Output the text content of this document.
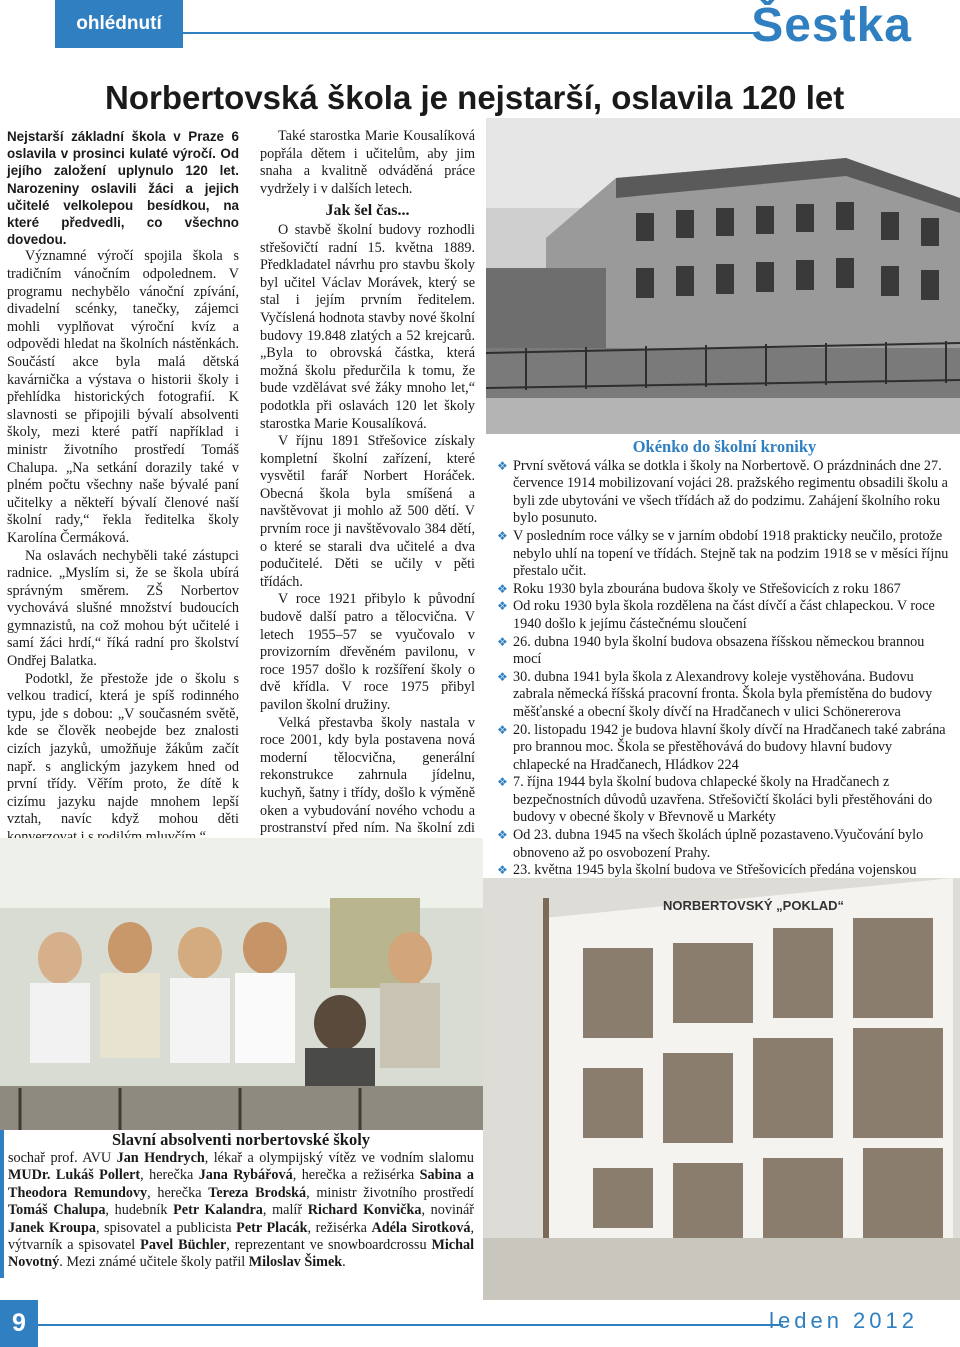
ohlédnutí	Šestka
Norbertovská škola je nejstarší, oslavila 120 let

Nejstarší základní škola v Praze 6 oslavila v prosinci kulaté výročí. Od jejího založení uplynulo 120 let. Narozeniny oslavili žáci a jejich učitelé velkolepou besídkou, na které předvedli, co všechno dovedou.

Významné výročí spojila škola s tradičním vánočním odpolednem. V programu nechybělo vánoční zpívání, divadelní scénky, tanečky, zájemci mohli vyplňovat výroční kvíz a odpovědi hledat na školních nástěnkách. Součástí akce byla malá dětská kavárnička a výstava o historii školy i přehlídka historických fotografií. K slavnosti se připojili bývalí absolventi školy, mezi které patří například i ministr životního prostředí Tomáš Chalupa. „Na setkání dorazily také v plném počtu všechny naše bývalé paní učitelky a někteří bývalí členové naší školní rady,“ řekla ředitelka školy Karolína Čermáková.

Na oslavách nechyběli také zástupci radnice. „Myslím si, že se škola ubírá správným směrem. ZŠ Norbertov vychovává slušné množství budoucích gymnazistů, na což mohou být učitelé i samí žáci hrdí,“ říká radní pro školství Ondřej Balatka.

Podotkl, že přestože jde o školu s velkou tradicí, která je spíš rodinného typu, jde s dobou: „V současném světě, kde se člověk neobejde bez znalosti cizích jazyků, umožňuje žákům začít např. s anglickým jazykem hned od první třídy. Věřím proto, že dítě k cizímu jazyku najde mnohem lepší vztah, navíc když mohou děti

Také starostka Marie Kousalíková popřála dětem i učitelům, aby jim snaha a kvalitně odváděná práce vydržely i v dalších letech.

Jak šel čas...

O stavbě školní budovy rozhodli střešovičtí radní 15. května 1889. Předkladatel návrhu pro stavbu školy byl učitel Václav Morávek, který se stal i jejím prvním ředitelem. Vyčíslená hodnota stavby nové školní budovy 19.848 zlatých a 52 krejcarů. „Byla to obrovská částka, která možná školu předurčila k tomu, že bude vzdělávat své žáky mnoho let,“ podotkla při oslavách 120 let školy starostka Marie Kousalíková.

V říjnu 1891 Střešovice získaly kompletní školní zařízení, které vysvětil farář Norbert Horáček. Obecná škola byla smíšená a navštěvovat ji mohlo až 500 dětí. V prvním roce ji navštěvovalo 384 dětí, o které se starali dva učitelé a dva podučitelé. Děti se učily v pěti třídách.

V roce 1921 přibylo k původní budově další patro a tělocvična. V letech 1955–57 se vyučovalo v provizorním dřevěném pavilonu, v roce 1957 došlo k rozšíření školy o dvě křídla. V roce 1975 přibyl pavilon školní družiny.

Velká přestavba školy nastala v roce 2001, kdy byla postavena nová moderní tělocvična, generální rekonstrukce zahrnula jídelnu, kuchyň, šatny i třídy, došlo k výměně oken a vybudování nového vchodu a prostranství před ním. Na školní zdi

Okénko do školní kroniky
❖ První světová válka se dotkla i školy na Norbertově. O prázdninách dne 27. července 1914 mobilizovaní vojáci 28. pražského regimentu obsadili školu a byli zde ubytováni ve všech třídách až do podzimu. Zahájení školního roku bylo posunuto.
❖ V posledním roce války se v jarním období 1918 prakticky neučilo, protože nebylo uhlí na topení ve třídách. Stejně tak na podzim 1918 se v měsíci říjnu přestalo učit.
❖ Roku 1930 byla zbourána budova školy ve Střešovicích z roku 1867
❖ Od roku 1930 byla škola rozdělena na část dívčí a část chlapeckou. V roce 1940 došlo k jejímu částečnému sloučení
❖ 26. dubna 1940 byla školní budova obsazena říšskou německou brannou mocí
❖ 30. dubna 1941 byla škola z Alexandrovy koleje vystěhována. Budovu zabrala německá říšská pracovní fronta. Škola byla přemístěna do budovy měšťanské a obecní školy dívčí na Hradčanech v ulici Schönererova
❖ 20. listopadu 1942 je budova hlavní školy dívčí na Hradčanech také zabrána pro brannou moc. Škola se přestěhovává do budovy hlavní budovy chlapecké na Hradčanech, Hládkov 224
❖ 7. října 1944 byla školní budova chlapecké školy na Hradčanech z bezpečnostních důvodů uzavřena. Střešovičtí školáci byli přestěhováni do budovy v obecné školy v Břevnově u Markéty
❖ Od 23. dubna 1945 na všech školách úplně pozastaveno.Vyučování bylo obnoveno až po osvobození Prahy.
❖ 23. května 1945 byla školní budova ve Střešovicích předána vojenskou
NORBERTOVSKÝ „POKLAD“
Slavní absolventi norbertovské školy

sochař prof. AVU Jan Hendrych, lékař a olympijský vítěz ve vodním slalomu MUDr. Lukáš Pollert, herečka Jana Rybářová, herečka a režisérka Sabina a Theodora Remundovy, herečka Tereza Brodská, ministr životního prostředí Tomáš Chalupa, hudebník Petr Kalandra, malíř Richard Konvička, novinář Janek Kroupa, spisovatel a publicista Petr Placák, režisérka Adéla Sirotková, výtvarník a spisovatel Pavel Büchler, reprezentant ve snowboardcrossu Michal Novotný. Mezi známé učitele školy patřil Miloslav Šimek.

9	leden 2012
